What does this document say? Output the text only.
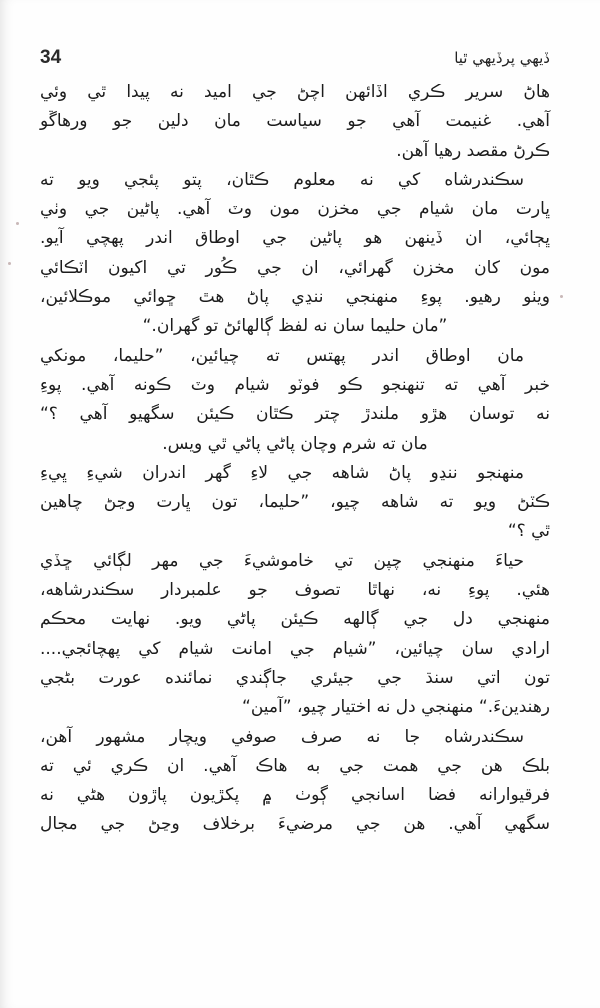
34	ڏيهي پرڏيهي ٿيا
هاڻ سرير ڪري اڏائهن اچڻ جي اميد نه پيدا ٿي وئي
آهي. غنيمت آهي جو سياست مان دلين جو ورهاڱو
ڪرڻ مقصد رهيا آهن.
سڪندرشاه کي نه معلوم ڪٿان، پتو پئجي ويو ته
ڀارت مان شيام جي مخزن مون وٽ آهي. پاڻين جي وٺي
ڀڄائي، ان ڏينهن هو پاڻين جي اوطاق اندر پهچي آيو.
مون کان مخزن گهرائي، ان جي ڪُور تي اکيون اٽڪائي
ويٺو رهيو. پوءِ منهنجي ننڍي پاڻ هٿ ڇوائي موڪلائين،
”مان حليما سان نه لفظ ڳالهائڻ تو گهران.“
مان اوطاق اندر پهتس ته چيائين، ”حليما، مونکي
خبر آهي ته تنهنجو ڪو فوٽو شيام وٽ ڪونه آهي. پوءِ
نه توسان هڙو ملندڙ چتر ڪٿان ڪيئن سگهيو آهي ؟“
مان ته شرم وچان پاڻي پاڻي ٿي ويس.
منهنجو ننڍو پاڻ شاهه جي لاءِ گهر اندران شيءِ ڀيءِ
ڪٽڻ ويو ته شاهه چيو، ”حليما، تون ڀارت وڃڻ چاهين
ٿي ؟“
حياءَ منهنجي چپن تي خاموشيءَ جي مهر لڳائي ڇڏي
هئي. پوءِ نه، نهاٿا تصوف جو علمبردار سڪندرشاهه،
منهنجي دل جي ڳالهه ڪيئن پاڻي ويو. نهايت محڪم
ارادي سان چيائين، ”شيام جي امانت شيام کي پهچائجي....
تون اتي سنڌ جي جيئري جاڳندي نمائنده عورت بڻجي
رهندينءَ.“ منهنجي دل نه اختيار چيو، ”آمين“
سڪندرشاه جا نه صرف صوفي ويچار مشهور آهن،
بلڪ هن جي همت جي به هاڪ آهي. ان ڪري ئي ته
فرقيوارانه فضا اسانجي ڳوٺ ۾ پکڙيون پاڙون هڻي نه
سگهي آهي. هن جي مرضيءَ برخلاف وڃڻ جي مجال
